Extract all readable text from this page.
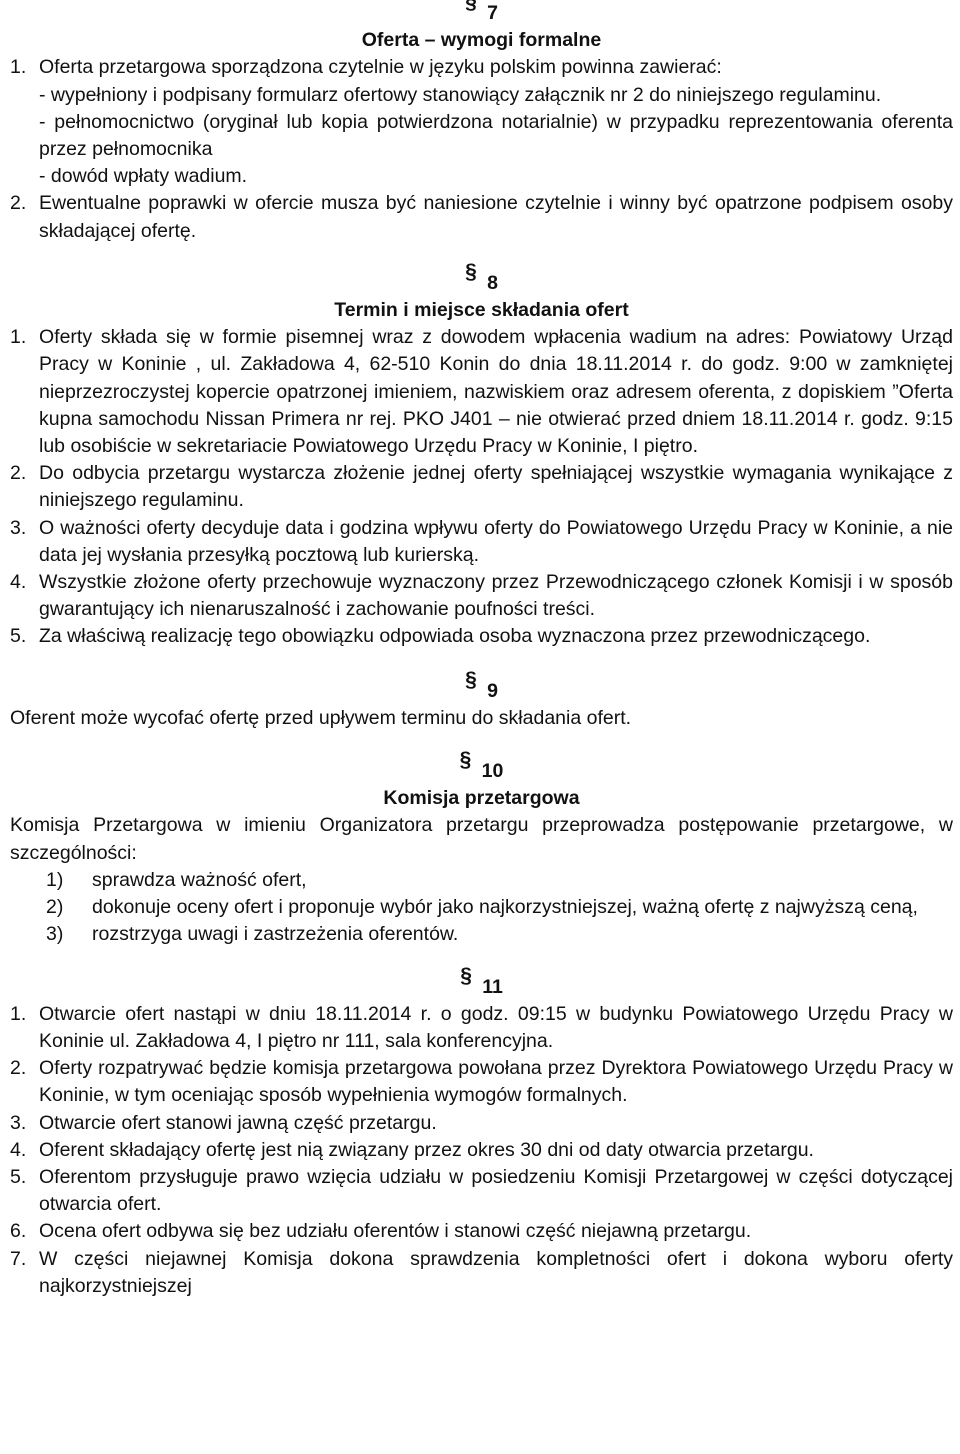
§ 7
Oferta – wymogi formalne
1. Oferta przetargowa sporządzona czytelnie w języku polskim powinna zawierać:

- wypełniony i podpisany formularz ofertowy stanowiący załącznik nr 2 do niniejszego regulaminu.

- pełnomocnictwo (oryginał lub kopia potwierdzona notarialnie) w przypadku reprezentowania oferenta przez pełnomocnika

- dowód wpłaty wadium.

2. Ewentualne poprawki w ofercie musza być naniesione czytelnie i winny być opatrzone podpisem osoby składającej ofertę.

§ 8
Termin i miejsce składania ofert
1. Oferty składa się w formie pisemnej wraz z dowodem wpłacenia wadium na adres: Powiatowy Urząd Pracy w Koninie , ul. Zakładowa 4, 62-510 Konin do dnia 18.11.2014 r. do godz. 9:00 w zamkniętej nieprzezroczystej kopercie opatrzonej imieniem, nazwiskiem oraz adresem oferenta, z dopiskiem ”Oferta kupna samochodu Nissan Primera nr rej. PKO J401 – nie otwierać przed dniem 18.11.2014 r. godz. 9:15 lub osobiście w sekretariacie Powiatowego Urzędu Pracy w Koninie, I piętro.

2. Do odbycia przetargu wystarcza złożenie jednej oferty spełniającej wszystkie wymagania wynikające z niniejszego regulaminu.

3. O ważności oferty decyduje data i godzina wpływu oferty do Powiatowego Urzędu Pracy w Koninie, a nie data jej wysłania przesyłką pocztową lub kurierską.

4. Wszystkie złożone oferty przechowuje wyznaczony przez Przewodniczącego członek Komisji i w sposób gwarantujący ich nienaruszalność i zachowanie poufności treści.

5. Za właściwą realizację tego obowiązku odpowiada osoba wyznaczona przez przewodniczącego.

§ 9

Oferent może wycofać ofertę przed upływem terminu do składania ofert.

§ 10
Komisja przetargowa

Komisja Przetargowa w imieniu Organizatora przetargu przeprowadza postępowanie przetargowe, w szczególności:

1)	sprawdza ważność ofert,

2)	dokonuje oceny ofert i proponuje wybór jako najkorzystniejszej, ważną ofertę z najwyższą ceną,

3)	rozstrzyga uwagi i zastrzeżenia oferentów.

§ 11
1. Otwarcie ofert nastąpi w dniu 18.11.2014 r. o godz. 09:15 w budynku Powiatowego Urzędu Pracy w Koninie ul. Zakładowa 4, I piętro nr 111, sala konferencyjna.

2. Oferty rozpatrywać będzie komisja przetargowa powołana przez Dyrektora Powiatowego Urzędu Pracy w Koninie, w tym oceniając sposób wypełnienia wymogów formalnych.

3. Otwarcie ofert stanowi jawną część przetargu.

4. Oferent składający ofertę jest nią związany przez okres 30 dni od daty otwarcia przetargu.

5. Oferentom przysługuje prawo wzięcia udziału w posiedzeniu Komisji Przetargowej w części dotyczącej otwarcia ofert.

6. Ocena ofert odbywa się bez udziału oferentów i stanowi część niejawną przetargu.

7. W części niejawnej Komisja dokona sprawdzenia kompletności ofert i dokona wyboru oferty najkorzystniejszej
